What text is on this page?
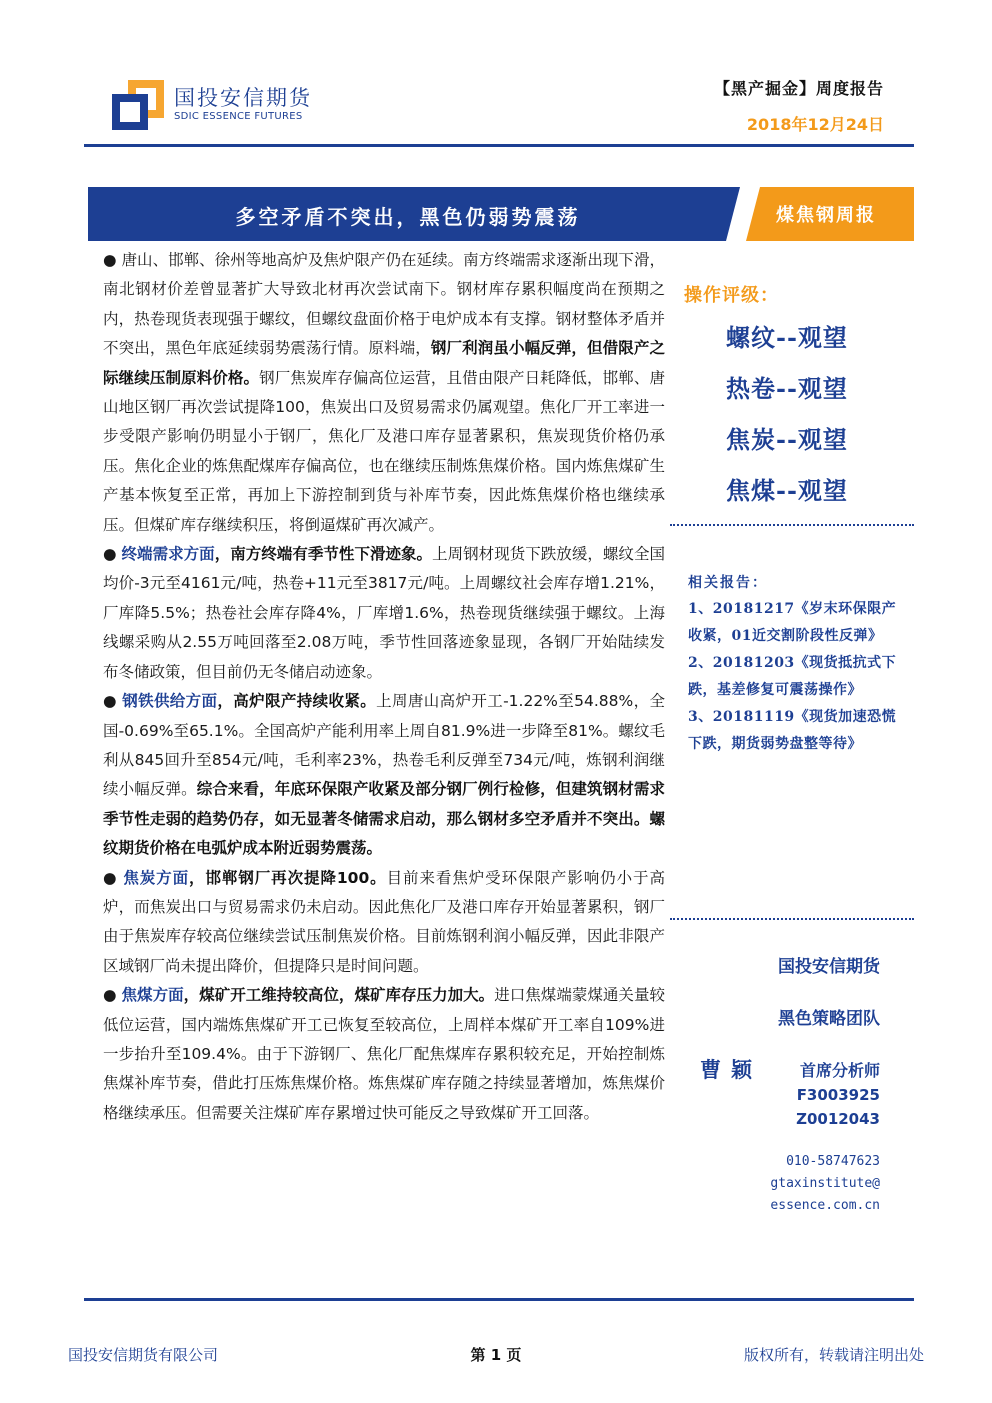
国投安信期货
SDIC ESSENCE FUTURES
【黑产掘金】周度报告
2018年12月24日
多空矛盾不突出，黑色仍弱势震荡	煤焦钢周报

● 唐山、邯郸、徐州等地高炉及焦炉限产仍在延续。南方终端需求逐渐出现下滑，南北钢材价差曾显著扩大导致北材再次尝试南下。钢材库存累积幅度尚在预期之内，热卷现货表现强于螺纹，但螺纹盘面价格于电炉成本有支撑。钢材整体矛盾并不突出，黑色年底延续弱势震荡行情。原料端，钢厂利润虽小幅反弹，但借限产之际继续压制原料价格。钢厂焦炭库存偏高位运营，且借由限产日耗降低，邯郸、唐山地区钢厂再次尝试提降100，焦炭出口及贸易需求仍属观望。焦化厂开工率进一步受限产影响仍明显小于钢厂，焦化厂及港口库存显著累积，焦炭现货价格仍承压。焦化企业的炼焦配煤库存偏高位，也在继续压制炼焦煤价格。国内炼焦煤矿生产基本恢复至正常，再加上下游控制到货与补库节奏，因此炼焦煤价格也继续承压。但煤矿库存继续积压，将倒逼煤矿再次减产。

● 终端需求方面，南方终端有季节性下滑迹象。上周钢材现货下跌放缓，螺纹全国均价-3元至4161元/吨，热卷+11元至3817元/吨。上周螺纹社会库存增1.21%，厂库降5.5%；热卷社会库存降4%，厂库增1.6%，热卷现货继续强于螺纹。上海线螺采购从2.55万吨回落至2.08万吨，季节性回落迹象显现，各钢厂开始陆续发布冬储政策，但目前仍无冬储启动迹象。

● 钢铁供给方面，高炉限产持续收紧。上周唐山高炉开工-1.22%至54.88%，全国-0.69%至65.1%。全国高炉产能利用率上周自81.9%进一步降至81%。螺纹毛利从845回升至854元/吨，毛利率23%，热卷毛利反弹至734元/吨，炼钢利润继续小幅反弹。综合来看，年底环保限产收紧及部分钢厂例行检修，但建筑钢材需求季节性走弱的趋势仍存，如无显著冬储需求启动，那么钢材多空矛盾并不突出。螺纹期货价格在电弧炉成本附近弱势震荡。

● 焦炭方面，邯郸钢厂再次提降100。目前来看焦炉受环保限产影响仍小于高炉，而焦炭出口与贸易需求仍未启动。因此焦化厂及港口库存开始显著累积，钢厂由于焦炭库存较高位继续尝试压制焦炭价格。目前炼钢利润小幅反弹，因此非限产区域钢厂尚未提出降价，但提降只是时间问题。

● 焦煤方面，煤矿开工维持较高位，煤矿库存压力加大。进口焦煤端蒙煤通关量较低位运营，国内端炼焦煤矿开工已恢复至较高位，上周样本煤矿开工率自109%进一步抬升至109.4%。由于下游钢厂、焦化厂配焦煤库存累积较充足，开始控制炼焦煤补库节奏，借此打压炼焦煤价格。炼焦煤矿库存随之持续显著增加，炼焦煤价格继续承压。但需要关注煤矿库存累增过快可能反之导致煤矿开工回落。

操作评级：
螺纹--观望
热卷--观望
焦炭--观望
焦煤--观望
相关报告：
1、20181217《岁末环保限产收紧，01近交割阶段性反弹》
2、20181203《现货抵抗式下跌，基差修复可震荡操作》
3、20181119《现货加速恐慌下跌，期货弱势盘整等待》
国投安信期货
黑色策略团队
曹颖 首席分析师
F3003925
Z0012043
010-58747623
gtaxinstitute@
essence.com.cn
国投安信期货有限公司	第 1 页	版权所有，转载请注明出处
